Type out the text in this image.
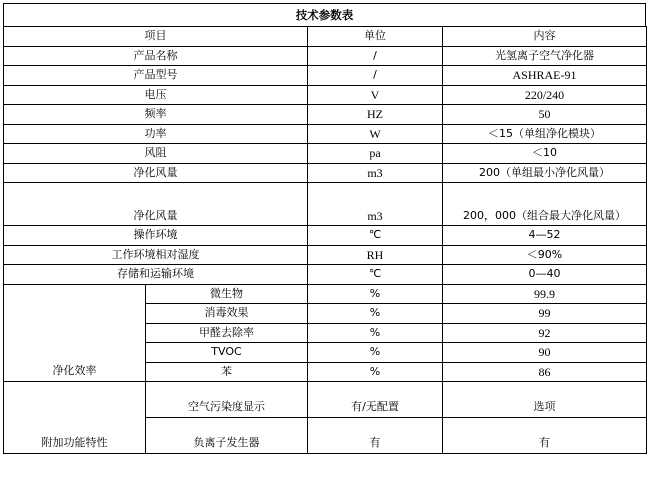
技术参数表
项目		单位	内容
产品名称		/	光氢离子空气净化器
产品型号		/	ASHRAE-91
电压		V	220/240
频率		HZ	50
功率		W	＜15（单组净化模块）
风阻		pa	＜10
净化风量		m3	200（单组最小净化风量）
净化风量		m3	200，000（组合最大净化风量）
操作环境		℃	4—52
工作环境相对湿度		RH	＜90%
存储和运输环境		℃	0—40
净化效率	微生物	%	99.9
	消毒效果	%	99
	甲醛去除率	%	92
	TVOC	%	90
	苯	%	86
附加功能特性	空气污染度显示	有/无配置	选项
	负离子发生器	有	有
